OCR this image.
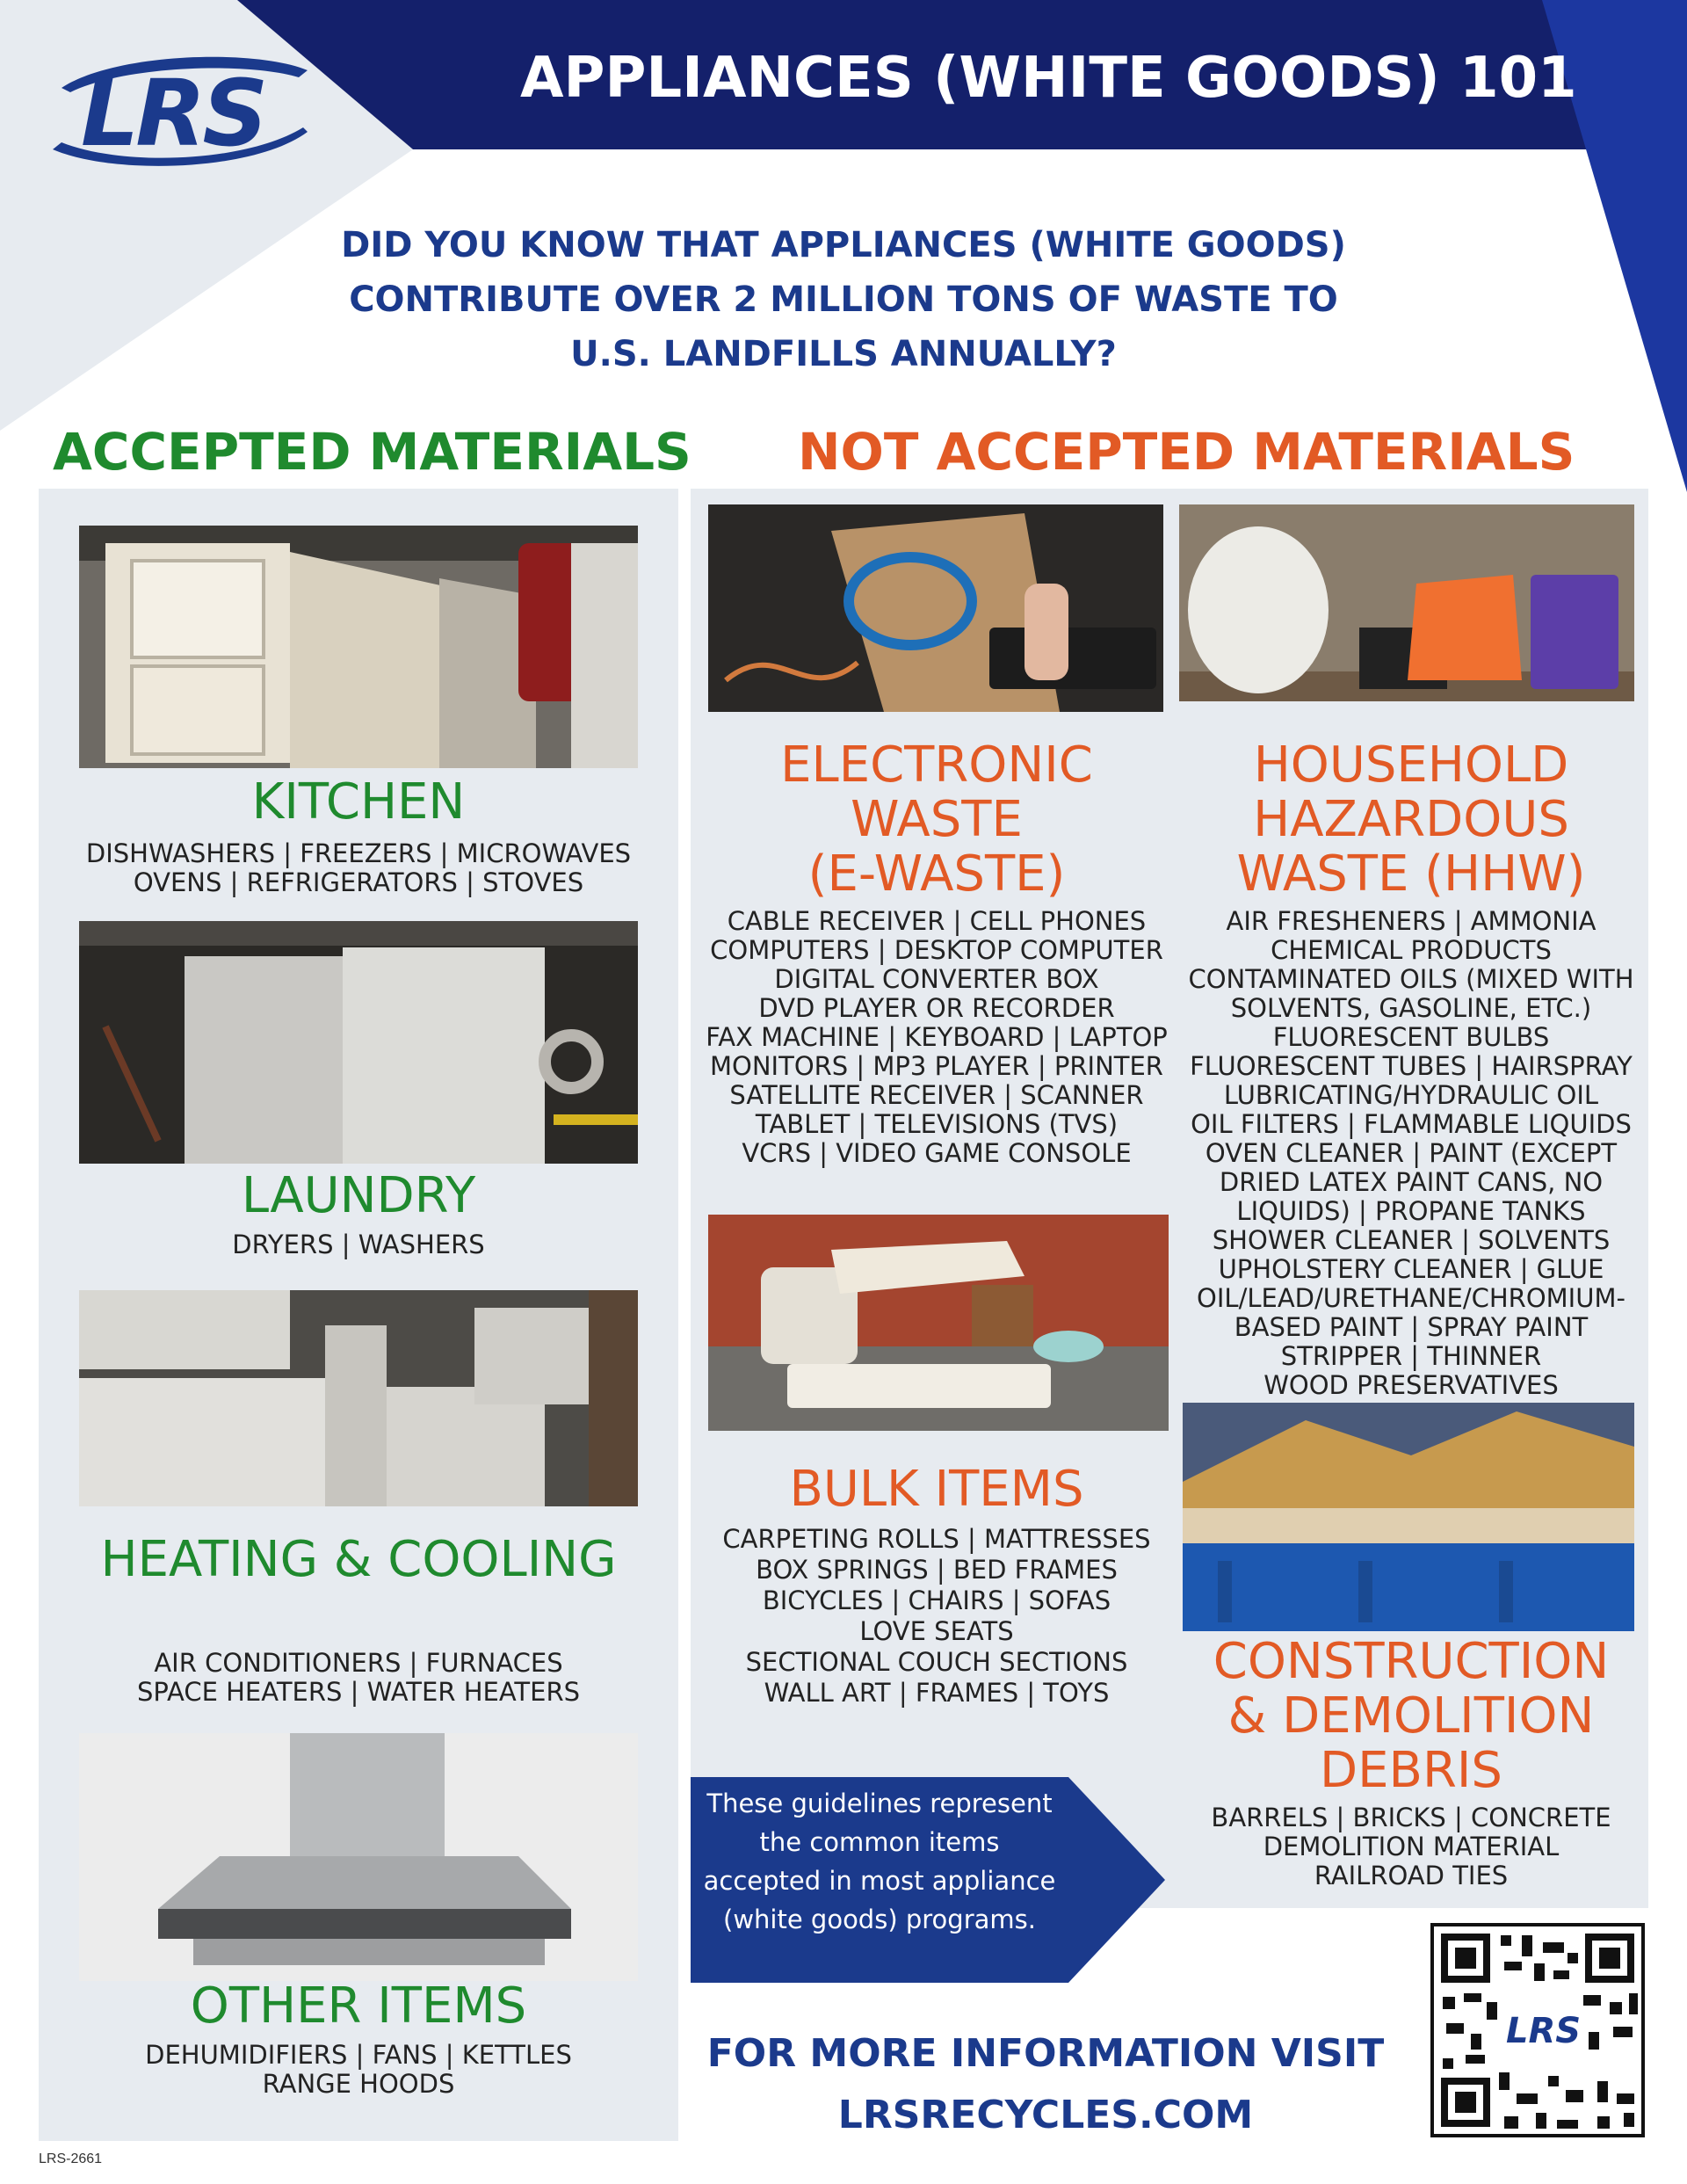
LRS	APPLIANCES (WHITE GOODS) 101
DID YOU KNOW THAT APPLIANCES (WHITE GOODS)
CONTRIBUTE OVER 2 MILLION TONS OF WASTE TO
U.S. LANDFILLS ANNUALLY?
ACCEPTED MATERIALS NOT ACCEPTED MATERIALS
KITCHEN
DISHWASHERS | FREEZERS | MICROWAVES
OVENS | REFRIGERATORS | STOVES
LAUNDRY
DRYERS | WASHERS
HEATING & COOLING
AIR CONDITIONERS | FURNACES
SPACE HEATERS | WATER HEATERS
OTHER ITEMS
DEHUMIDIFIERS | FANS | KETTLES
RANGE HOODS
ELECTRONIC
WASTE
(E-WASTE)
CABLE RECEIVER | CELL PHONES
COMPUTERS | DESKTOP COMPUTER
DIGITAL CONVERTER BOX
DVD PLAYER OR RECORDER
FAX MACHINE | KEYBOARD | LAPTOP
MONITORS | MP3 PLAYER | PRINTER
SATELLITE RECEIVER | SCANNER
TABLET | TELEVISIONS (TVS)
VCRS | VIDEO GAME CONSOLE
HOUSEHOLD
HAZARDOUS
WASTE (HHW)
AIR FRESHENERS | AMMONIA
CHEMICAL PRODUCTS
CONTAMINATED OILS (MIXED WITH
SOLVENTS, GASOLINE, ETC.)
FLUORESCENT BULBS
FLUORESCENT TUBES | HAIRSPRAY
LUBRICATING/HYDRAULIC OIL
OIL FILTERS | FLAMMABLE LIQUIDS
OVEN CLEANER | PAINT (EXCEPT
DRIED LATEX PAINT CANS, NO
LIQUIDS) | PROPANE TANKS
SHOWER CLEANER | SOLVENTS
UPHOLSTERY CLEANER | GLUE
OIL/LEAD/URETHANE/CHROMIUM-
BASED PAINT | SPRAY PAINT
STRIPPER | THINNER
WOOD PRESERVATIVES
BULK ITEMS
CARPETING ROLLS | MATTRESSES
BOX SPRINGS | BED FRAMES
BICYCLES | CHAIRS | SOFAS
LOVE SEATS
SECTIONAL COUCH SECTIONS
WALL ART | FRAMES | TOYS
CONSTRUCTION
& DEMOLITION
DEBRIS
BARRELS | BRICKS | CONCRETE
DEMOLITION MATERIAL
RAILROAD TIES
These guidelines represent the common items accepted in most appliance (white goods) programs.
FOR MORE INFORMATION VISIT
LRSRECYCLES.COM
LRS
LRS-2661
